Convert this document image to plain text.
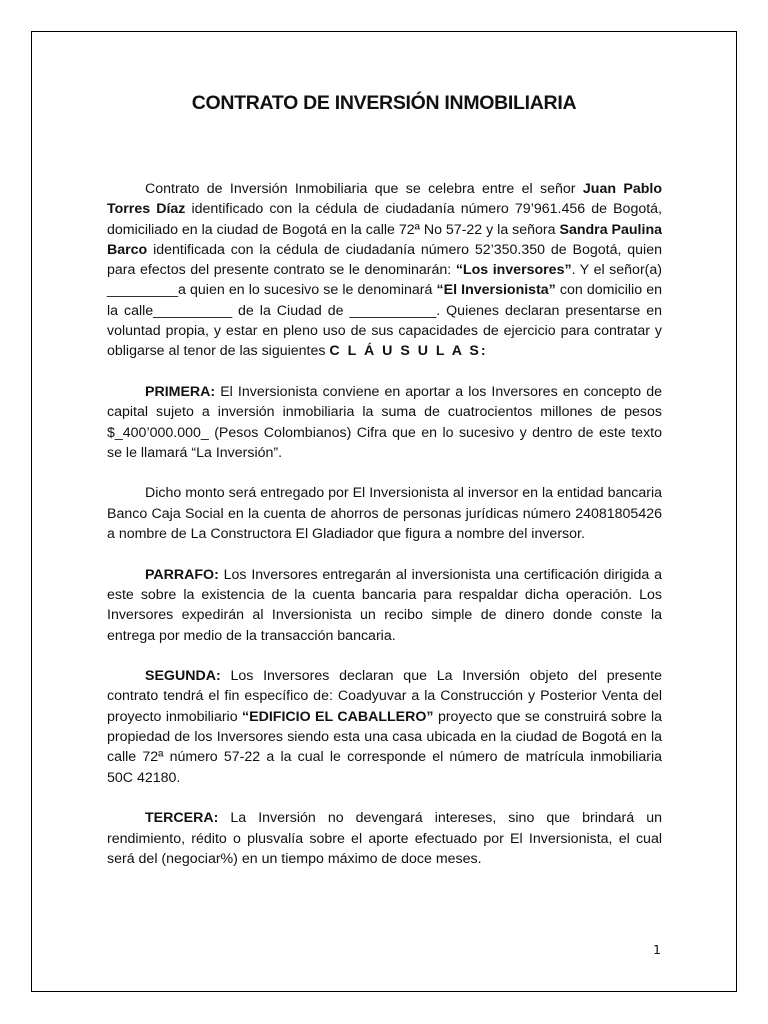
CONTRATO DE INVERSIÓN INMOBILIARIA

Contrato de Inversión Inmobiliaria que se celebra entre el señor Juan Pablo Torres Díaz identificado con la cédula de ciudadanía número 79’961.456 de Bogotá, domiciliado en la ciudad de Bogotá en la calle 72ª No 57-22 y la señora Sandra Paulina Barco identificada con la cédula de ciudadanía número 52’350.350 de Bogotá, quien para efectos del presente contrato se le denominarán: “Los inversores”. Y el señor(a) _________a quien en lo sucesivo se le denominará “El Inversionista” con domicilio en la calle__________ de la Ciudad de ___________. Quienes declaran presentarse en voluntad propia, y estar en pleno uso de sus capacidades de ejercicio para contratar y obligarse al tenor de las siguientes C L Á U S U L A S:

PRIMERA: El Inversionista conviene en aportar a los Inversores en concepto de capital sujeto a inversión inmobiliaria la suma de cuatrocientos millones de pesos $_400’000.000_ (Pesos Colombianos) Cifra que en lo sucesivo y dentro de este texto se le llamará “La Inversión”.

Dicho monto será entregado por El Inversionista al inversor en la entidad bancaria Banco Caja Social en la cuenta de ahorros de personas jurídicas número 24081805426 a nombre de La Constructora El Gladiador que figura a nombre del inversor.

PARRAFO: Los Inversores entregarán al inversionista una certificación dirigida a este sobre la existencia de la cuenta bancaria para respaldar dicha operación. Los Inversores expedirán al Inversionista un recibo simple de dinero donde conste la entrega por medio de la transacción bancaria.

SEGUNDA: Los Inversores declaran que La Inversión objeto del presente contrato tendrá el fin específico de: Coadyuvar a la Construcción y Posterior Venta del proyecto inmobiliario “EDIFICIO EL CABALLERO” proyecto que se construirá sobre la propiedad de los Inversores siendo esta una casa ubicada en la ciudad de Bogotá en la calle 72ª número 57-22 a la cual le corresponde el número de matrícula inmobiliaria 50C 42180.

TERCERA: La Inversión no devengará intereses, sino que brindará un rendimiento, rédito o plusvalía sobre el aporte efectuado por El Inversionista, el cual será del (negociar%) en un tiempo máximo de doce meses.

1
